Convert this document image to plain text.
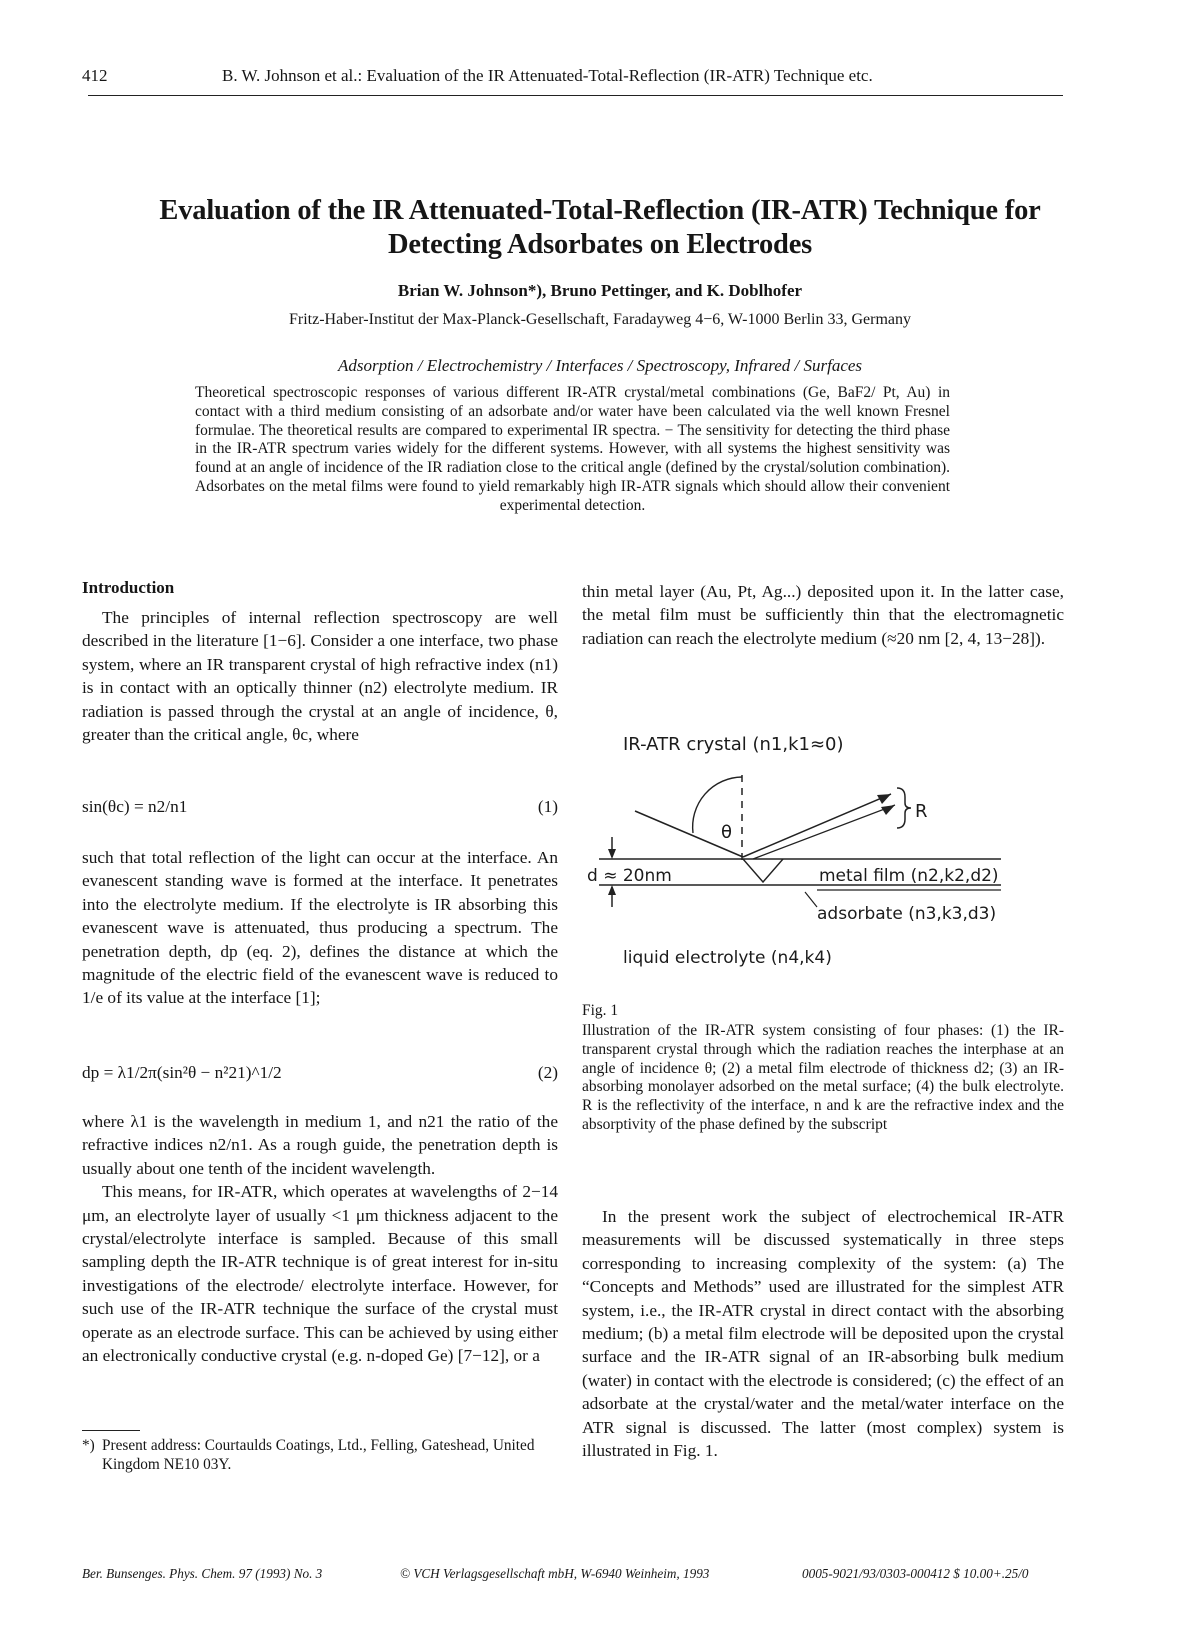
412	B. W. Johnson et al.: Evaluation of the IR Attenuated-Total-Reflection (IR-ATR) Technique etc.
Evaluation of the IR Attenuated-Total-Reflection (IR-ATR) Technique for
Detecting Adsorbates on Electrodes
Brian W. Johnson*), Bruno Pettinger, and K. Doblhofer
Fritz-Haber-Institut der Max-Planck-Gesellschaft, Faradayweg 4−6, W-1000 Berlin 33, Germany
Adsorption / Electrochemistry / Interfaces / Spectroscopy, Infrared / Surfaces
Theoretical spectroscopic responses of various different IR-ATR crystal/metal combinations (Ge, BaF2/ Pt, Au) in contact with a third medium consisting of an adsorbate and/or water have been calculated via the well known Fresnel formulae. The theoretical results are compared to experimental IR spectra. − The sensitivity for detecting the third phase in the IR-ATR spectrum varies widely for the different systems. However, with all systems the highest sensitivity was found at an angle of incidence of the IR radiation close to the critical angle (defined by the crystal/solution combination). Adsorbates on the metal films were found to yield remarkably high IR-ATR signals which should allow their convenient experimental detection.
Introduction

The principles of internal reflection spectroscopy are well described in the literature [1−6]. Consider a one interface, two phase system, where an IR transparent crystal of high refractive index (n1) is in contact with an optically thinner (n2) electrolyte medium. IR radiation is passed through the crystal at an angle of incidence, θ, greater than the critical angle, θc, where

sin(θc) = n2/n1	(1)

such that total reflection of the light can occur at the interface. An evanescent standing wave is formed at the interface. It penetrates into the electrolyte medium. If the electrolyte is IR absorbing this evanescent wave is attenuated, thus producing a spectrum. The penetration depth, dp (eq. 2), defines the distance at which the magnitude of the electric field of the evanescent wave is reduced to 1/e of its value at the interface [1];

dp = λ1/2π(sin²θ − n²21)^1/2	(2)

where λ1 is the wavelength in medium 1, and n21 the ratio of the refractive indices n2/n1. As a rough guide, the penetration depth is usually about one tenth of the incident wavelength.

This means, for IR-ATR, which operates at wavelengths of 2−14 μm, an electrolyte layer of usually <1 μm thickness adjacent to the crystal/electrolyte interface is sampled. Because of this small sampling depth the IR-ATR technique is of great interest for in-situ investigations of the electrode/ electrolyte interface. However, for such use of the IR-ATR technique the surface of the crystal must operate as an electrode surface. This can be achieved by using either an electronically conductive crystal (e.g. n-doped Ge) [7−12], or a

*) Present address: Courtaulds Coatings, Ltd., Felling, Gateshead, United Kingdom NE10 03Y.

thin metal layer (Au, Pt, Ag...) deposited upon it. In the latter case, the metal film must be sufficiently thin that the electromagnetic radiation can reach the electrolyte medium (≈20 nm [2, 4, 13−28]).

IR-ATR crystal (n1,k1≈0)
θ
R
d ≈ 20nm	metal film (n2,k2,d2)
adsorbate (n3,k3,d3)
liquid electrolyte (n4,k4)
Fig. 1
Illustration of the IR-ATR system consisting of four phases: (1) the IR-transparent crystal through which the radiation reaches the interphase at an angle of incidence θ; (2) a metal film electrode of thickness d2; (3) an IR-absorbing monolayer adsorbed on the metal surface; (4) the bulk electrolyte. R is the reflectivity of the interface, n and k are the refractive index and the absorptivity of the phase defined by the subscript

In the present work the subject of electrochemical IR-ATR measurements will be discussed systematically in three steps corresponding to increasing complexity of the system: (a) The “Concepts and Methods” used are illustrated for the simplest ATR system, i.e., the IR-ATR crystal in direct contact with the absorbing medium; (b) a metal film electrode will be deposited upon the crystal surface and the IR-ATR signal of an IR-absorbing bulk medium (water) in contact with the electrode is considered; (c) the effect of an adsorbate at the crystal/water and the metal/water interface on the ATR signal is discussed. The latter (most complex) system is illustrated in Fig. 1.

Ber. Bunsenges. Phys. Chem. 97 (1993) No. 3	© VCH Verlagsgesellschaft mbH, W-6940 Weinheim, 1993	0005-9021/93/0303-000412 $ 10.00+.25/0
